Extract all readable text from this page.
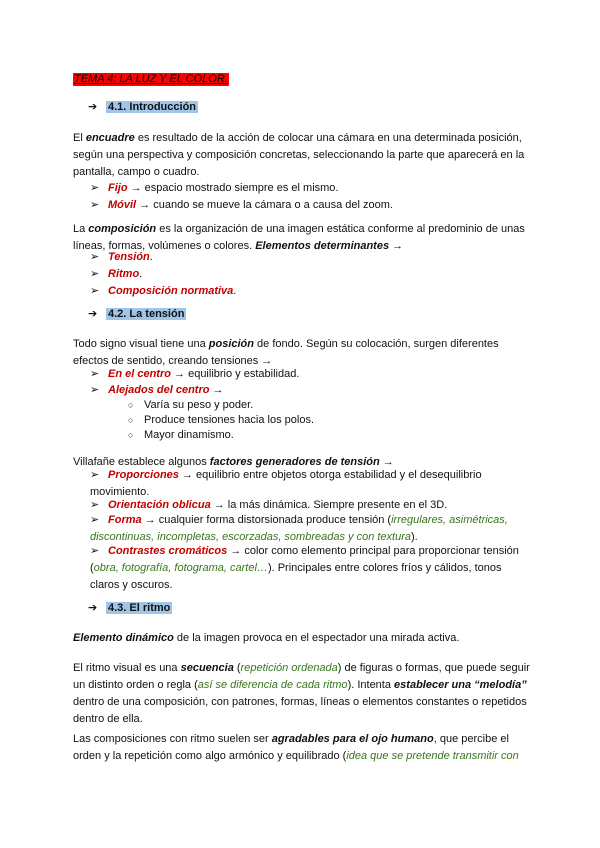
TEMA 4: LA LUZ Y EL COLOR.
➔ 4.1. Introducción
El encuadre es resultado de la acción de colocar una cámara en una determinada posición, según una perspectiva y composición concretas, seleccionando la parte que aparecerá en la pantalla, campo o cuadro.
➢ Fijo → espacio mostrado siempre es el mismo.
➢ Móvil → cuando se mueve la cámara o a causa del zoom.
La composición es la organización de una imagen estática conforme al predominio de unas líneas, formas, volúmenes o colores. Elementos determinantes →
➢ Tensión.
➢ Ritmo.
➢ Composición normativa.
➔ 4.2. La tensión
Todo signo visual tiene una posición de fondo. Según su colocación, surgen diferentes efectos de sentido, creando tensiones →
➢ En el centro → equilibrio y estabilidad.
➢ Alejados del centro →
○ Varía su peso y poder.
○ Produce tensiones hacia los polos.
○ Mayor dinamismo.
Villafañe establece algunos factores generadores de tensión →
➢ Proporciones → equilibrio entre objetos otorga estabilidad y el desequilibrio movimiento.
➢ Orientación oblicua → la más dinámica. Siempre presente en el 3D.
➢ Forma → cualquier forma distorsionada produce tensión (irregulares, asimétricas, discontinuas, incompletas, escorzadas, sombreadas y con textura).
➢ Contrastes cromáticos → color como elemento principal para proporcionar tensión (obra, fotografía, fotograma, cartel…). Principales entre colores fríos y cálidos, tonos claros y oscuros.
➔ 4.3. El ritmo
Elemento dinámico de la imagen provoca en el espectador una mirada activa.
El ritmo visual es una secuencia (repetición ordenada) de figuras o formas, que puede seguir un distinto orden o regla (así se diferencia de cada ritmo). Intenta establecer una “melodía” dentro de una composición, con patrones, formas, líneas o elementos constantes o repetidos dentro de ella.
Las composiciones con ritmo suelen ser agradables para el ojo humano, que percibe el orden y la repetición como algo armónico y equilibrado (idea que se pretende transmitir con
